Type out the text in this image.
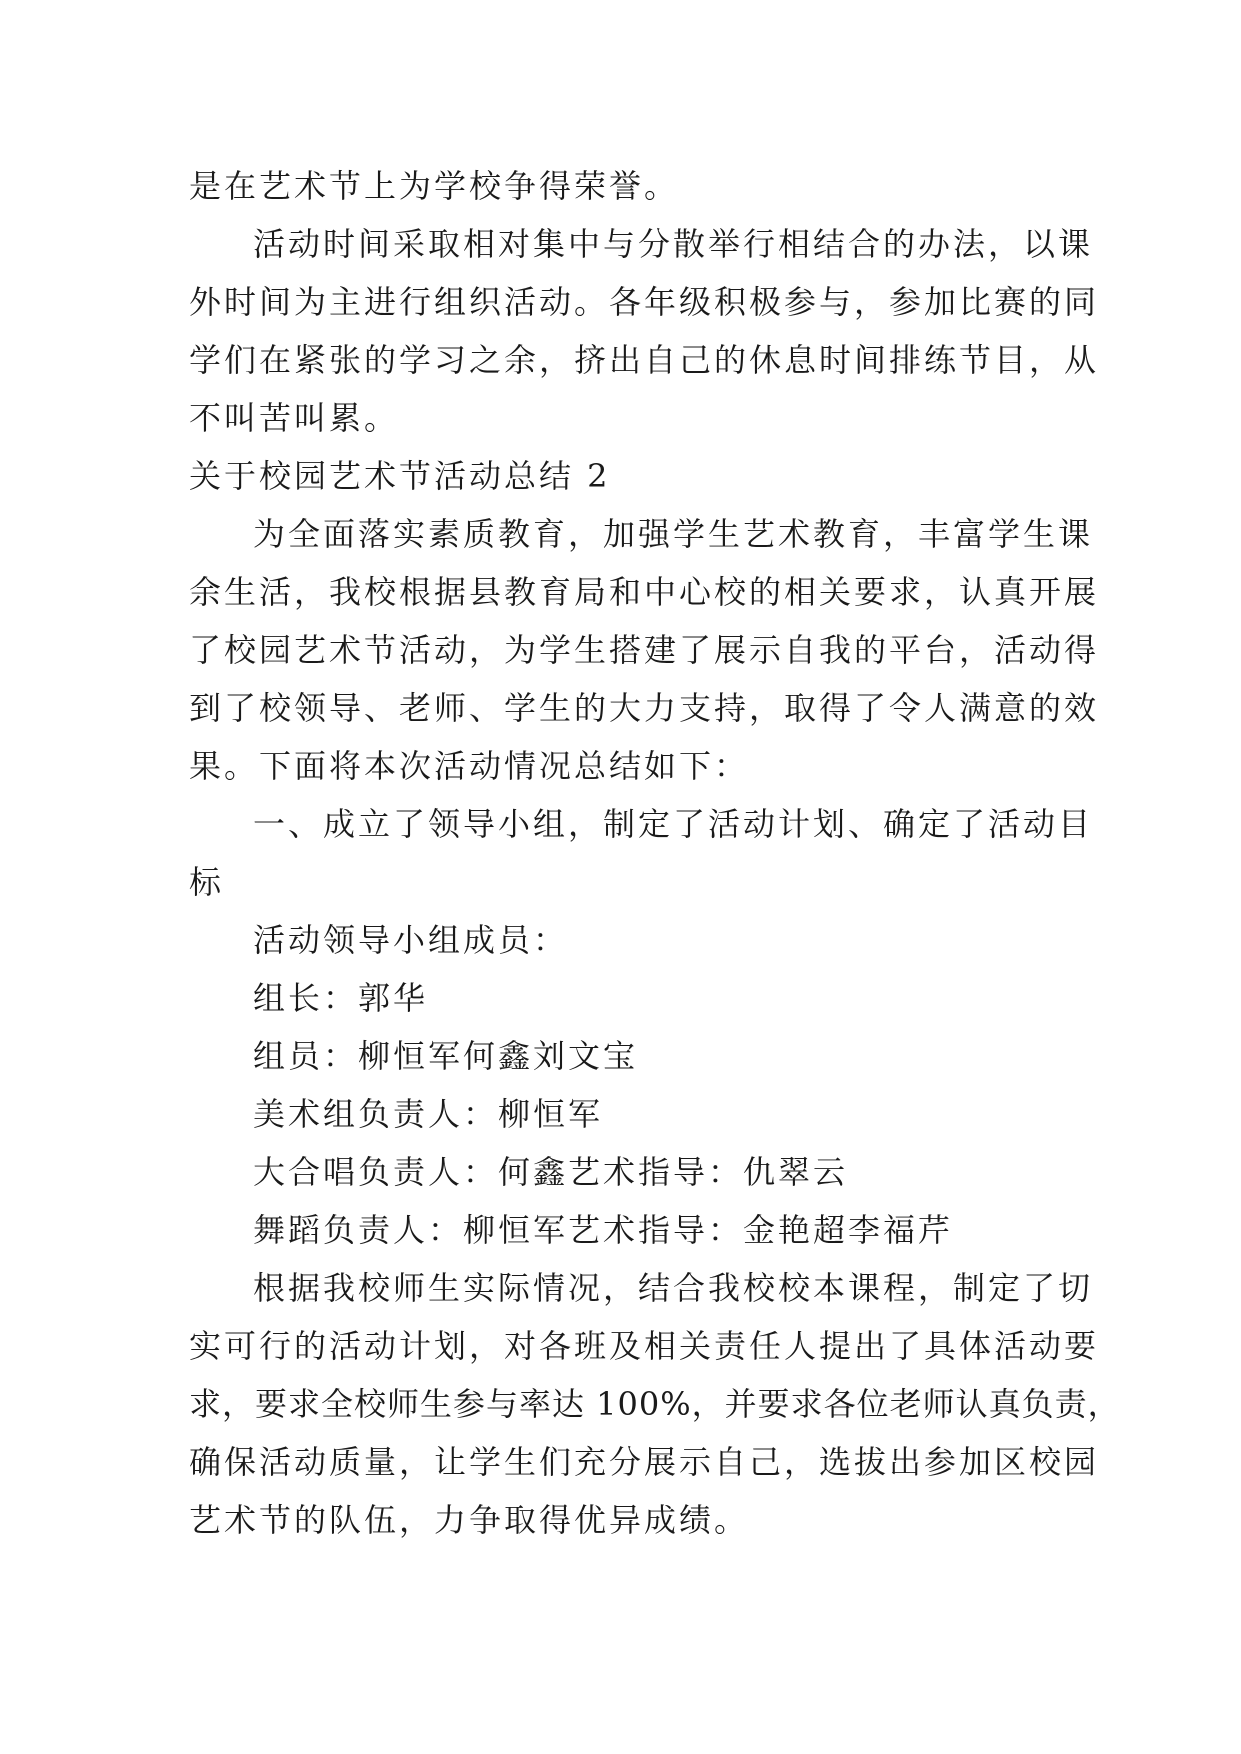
是在艺术节上为学校争得荣誉。
活动时间采取相对集中与分散举行相结合的办法，以课
外时间为主进行组织活动。各年级积极参与，参加比赛的同
学们在紧张的学习之余，挤出自己的休息时间排练节目，从
不叫苦叫累。
关于校园艺术节活动总结 2
为全面落实素质教育，加强学生艺术教育，丰富学生课
余生活，我校根据县教育局和中心校的相关要求，认真开展
了校园艺术节活动，为学生搭建了展示自我的平台，活动得
到了校领导、老师、学生的大力支持，取得了令人满意的效
果。下面将本次活动情况总结如下：
一、成立了领导小组，制定了活动计划、确定了活动目
标
活动领导小组成员：
组长：郭华
组员：柳恒军何鑫刘文宝
美术组负责人：柳恒军
大合唱负责人：何鑫艺术指导：仇翠云
舞蹈负责人：柳恒军艺术指导：金艳超李福芹
根据我校师生实际情况，结合我校校本课程，制定了切
实可行的活动计划，对各班及相关责任人提出了具体活动要
求，要求全校师生参与率达 100%，并要求各位老师认真负责，
确保活动质量，让学生们充分展示自己，选拔出参加区校园
艺术节的队伍，力争取得优异成绩。
